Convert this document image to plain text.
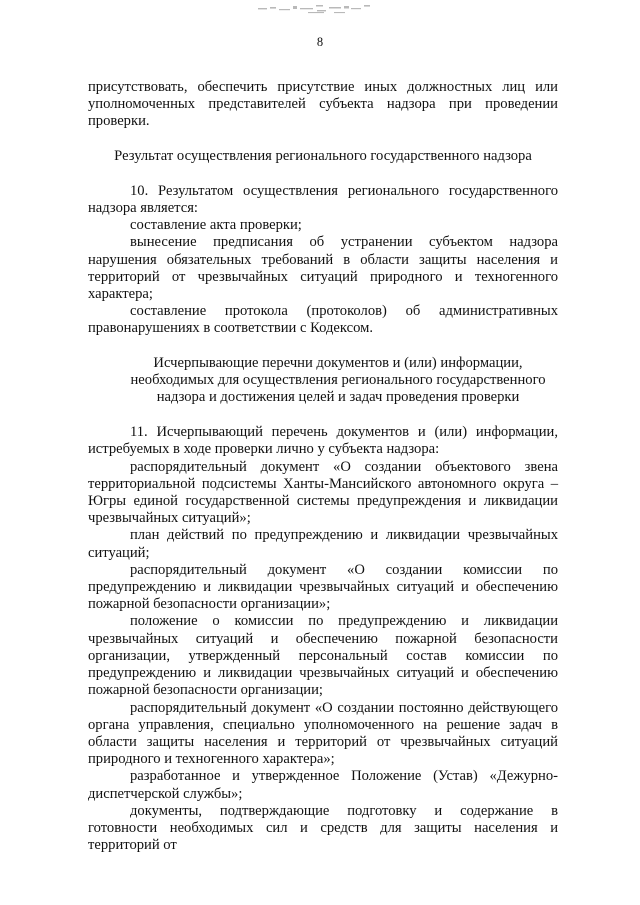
8

присутствовать, обеспечить присутствие иных должностных лиц или уполномоченных представителей субъекта надзора при проведении проверки.

Результат осуществления регионального государственного надзора

10. Результатом осуществления регионального государственного надзора является:

составление акта проверки;

вынесение предписания об устранении субъектом надзора нарушения обязательных требований в области защиты населения и территорий от чрезвычайных ситуаций природного и техногенного характера;

составление протокола (протоколов) об административных правонарушениях в соответствии с Кодексом.

Исчерпывающие перечни документов и (или) информации, необходимых для осуществления регионального государственного надзора и достижения целей и задач проведения проверки

11. Исчерпывающий перечень документов и (или) информации, истребуемых в ходе проверки лично у субъекта надзора:

распорядительный документ «О создании объектового звена территориальной подсистемы Ханты-Мансийского автономного округа – Югры единой государственной системы предупреждения и ликвидации чрезвычайных ситуаций»;

план действий по предупреждению и ликвидации чрезвычайных ситуаций;

распорядительный документ «О создании комиссии по предупреждению и ликвидации чрезвычайных ситуаций и обеспечению пожарной безопасности организации»;

положение о комиссии по предупреждению и ликвидации чрезвычайных ситуаций и обеспечению пожарной безопасности организации, утвержденный персональный состав комиссии по предупреждению и ликвидации чрезвычайных ситуаций и обеспечению пожарной безопасности организации;

распорядительный документ «О создании постоянно действующего органа управления, специально уполномоченного на решение задач в области защиты населения и территорий от чрезвычайных ситуаций природного и техногенного характера»;

разработанное и утвержденное Положение (Устав) «Дежурно-диспетчерской службы»;

документы, подтверждающие подготовку и содержание в готовности необходимых сил и средств для защиты населения и территорий от
